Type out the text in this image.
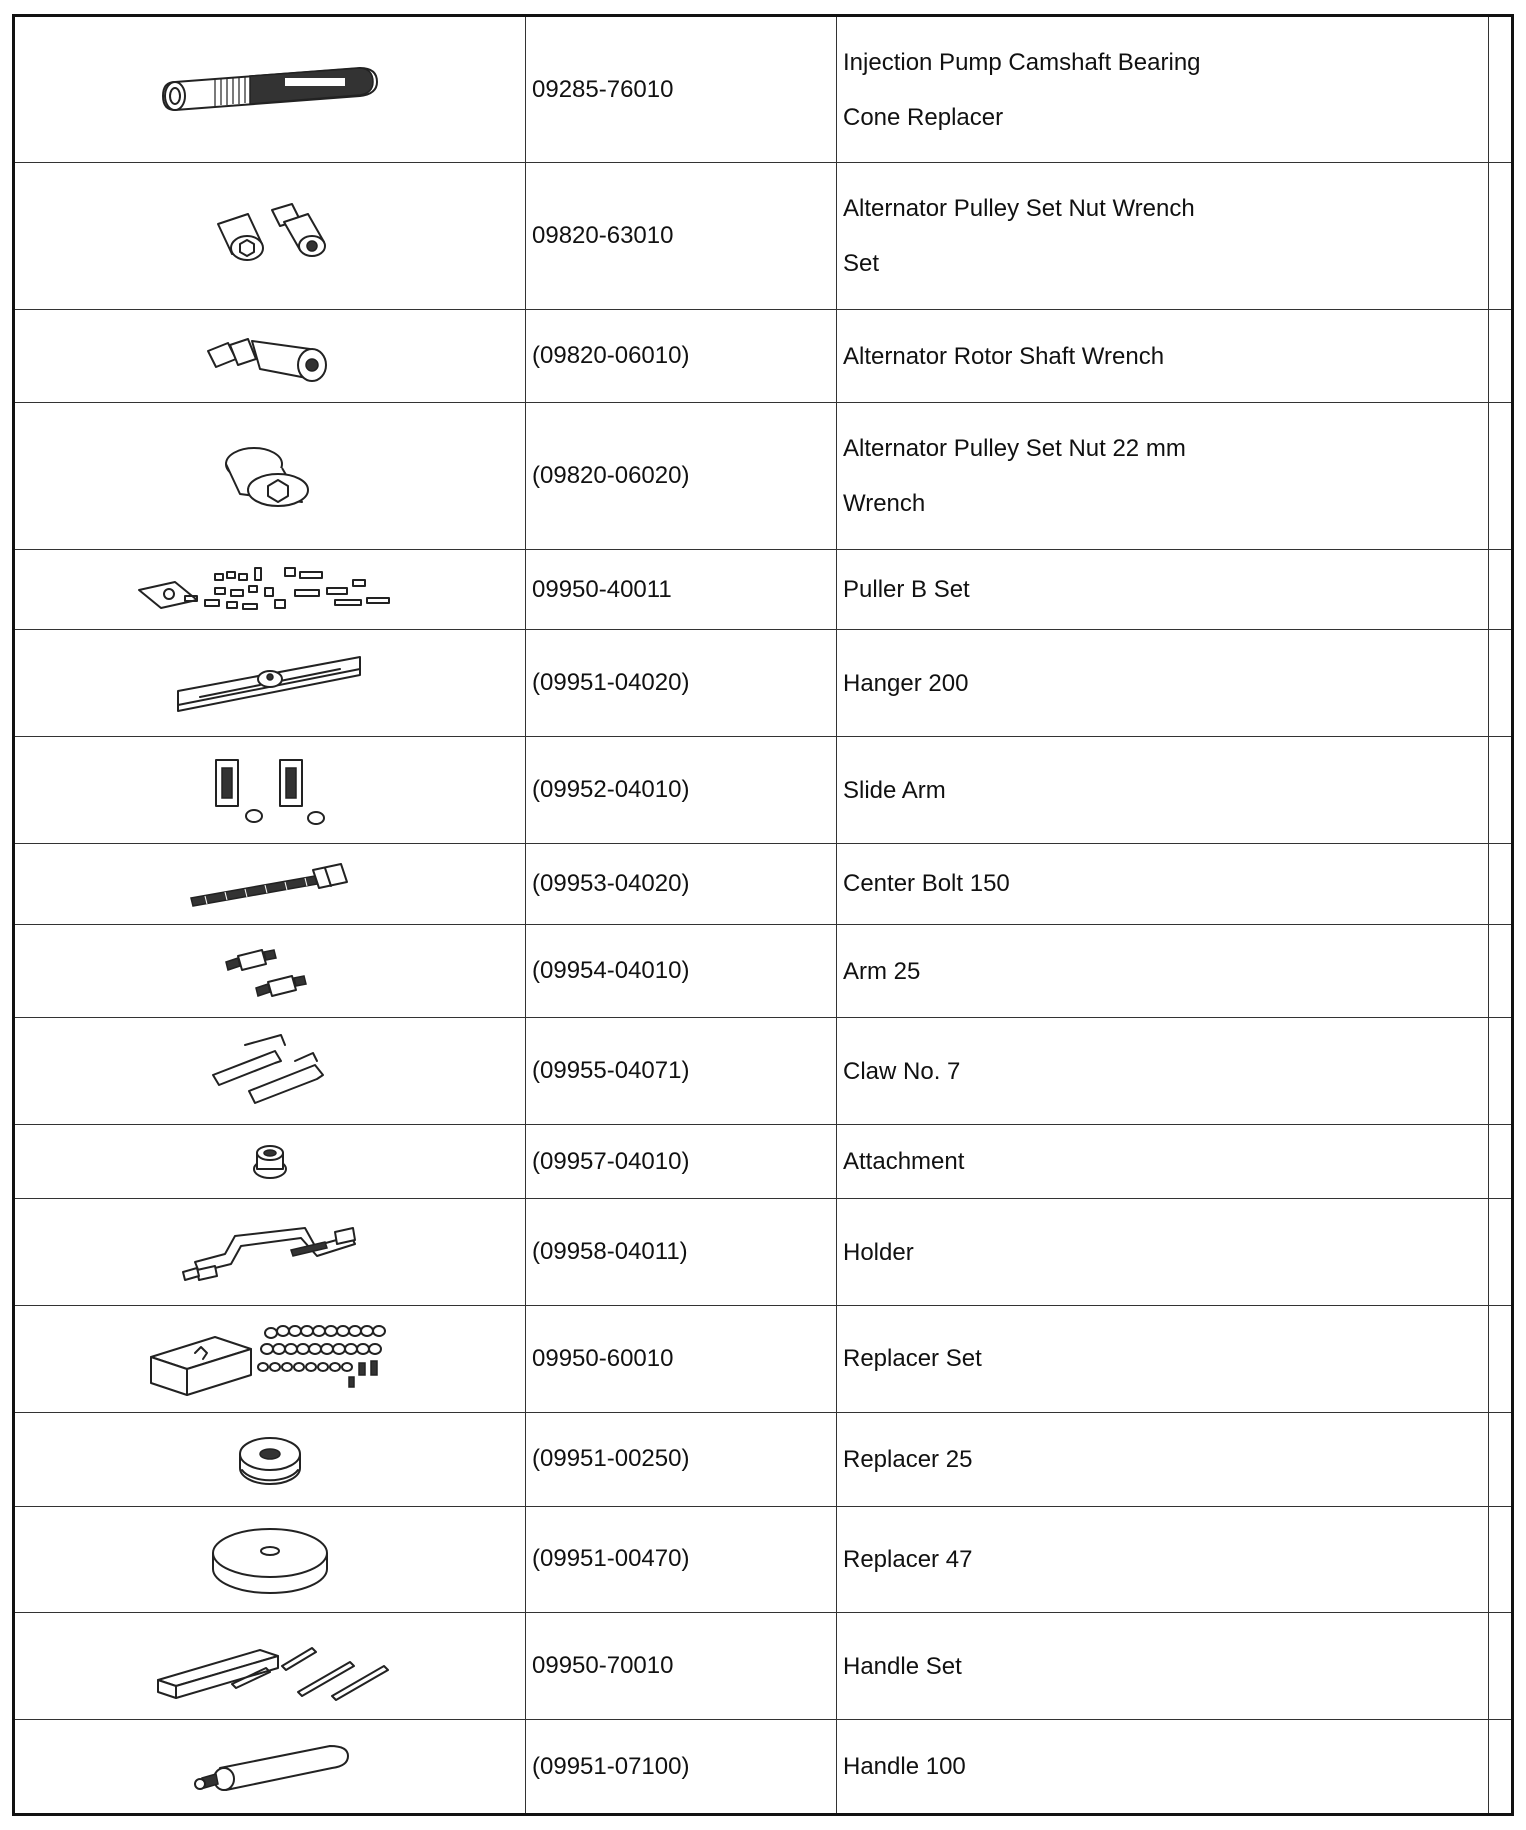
	09285-76010	Injection Pump Camshaft Bearing
Cone Replacer	

	09820-63010	Alternator Pulley Set Nut Wrench
Set	

	(09820-06010)	Alternator Rotor Shaft Wrench	

	(09820-06020)	Alternator Pulley Set Nut 22 mm
Wrench	

	09950-40011	Puller B Set	

	(09951-04020)	Hanger 200	

	(09952-04010)	Slide Arm	

	(09953-04020)	Center Bolt 150	

	(09954-04010)	Arm 25	

	(09955-04071)	Claw No. 7	

	(09957-04010)	Attachment	

	(09958-04011)	Holder	

	09950-60010	Replacer Set	

	(09951-00250)	Replacer 25	

	(09951-00470)	Replacer 47	

	09950-70010	Handle Set	

	(09951-07100)	Handle 100	
